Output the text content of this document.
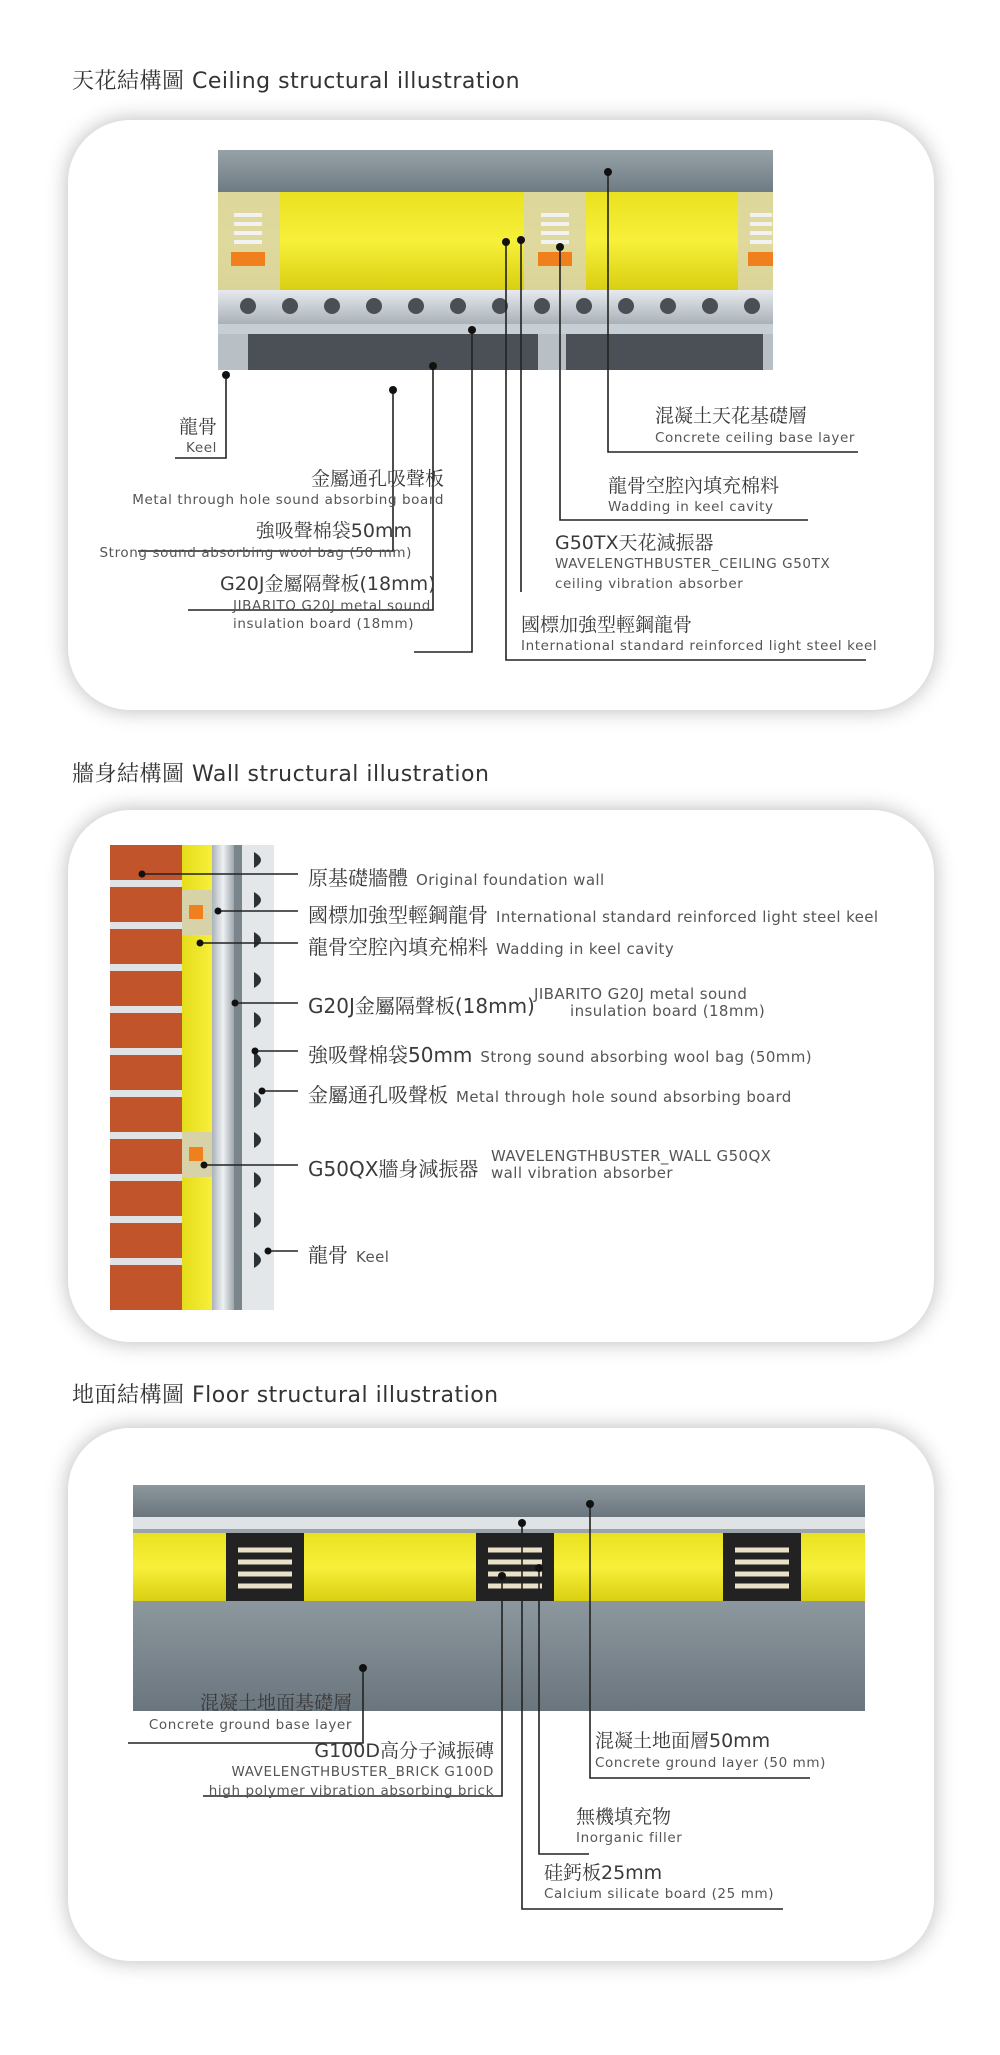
天花結構圖 Ceiling structural illustration
龍骨
Keel
金屬通孔吸聲板
Metal through hole sound absorbing board
強吸聲棉袋50mm
Strong sound absorbing wool bag (50 mm)
G20J金屬隔聲板(18mm)
JIBARITO G20J metal sound
insulation board (18mm)
混凝土天花基礎層
Concrete ceiling base layer
龍骨空腔內填充棉料
Wadding in keel cavity
G50TX天花減振器
WAVELENGTHBUSTER_CEILING G50TX
ceiling vibration absorber
國標加強型輕鋼龍骨
International standard reinforced light steel keel
牆身結構圖 Wall structural illustration
原基礎牆體 Original foundation wall
國標加強型輕鋼龍骨 International standard reinforced light steel keel
龍骨空腔內填充棉料 Wadding in keel cavity
G20J金屬隔聲板(18mm) JIBARITO G20J metal sound
insulation board (18mm)
強吸聲棉袋50mm Strong sound absorbing wool bag (50mm)
金屬通孔吸聲板 Metal through hole sound absorbing board
G50QX牆身減振器
WAVELENGTHBUSTER_WALL G50QX
wall vibration absorber
龍骨 Keel
地面結構圖 Floor structural illustration
混凝土地面基礎層
Concrete ground base layer
G100D高分子減振磚
WAVELENGTHBUSTER_BRICK G100D
high polymer vibration absorbing brick
混凝土地面層50mm
Concrete ground layer (50 mm)
無機填充物
Inorganic filler
硅鈣板25mm
Calcium silicate board (25 mm)
